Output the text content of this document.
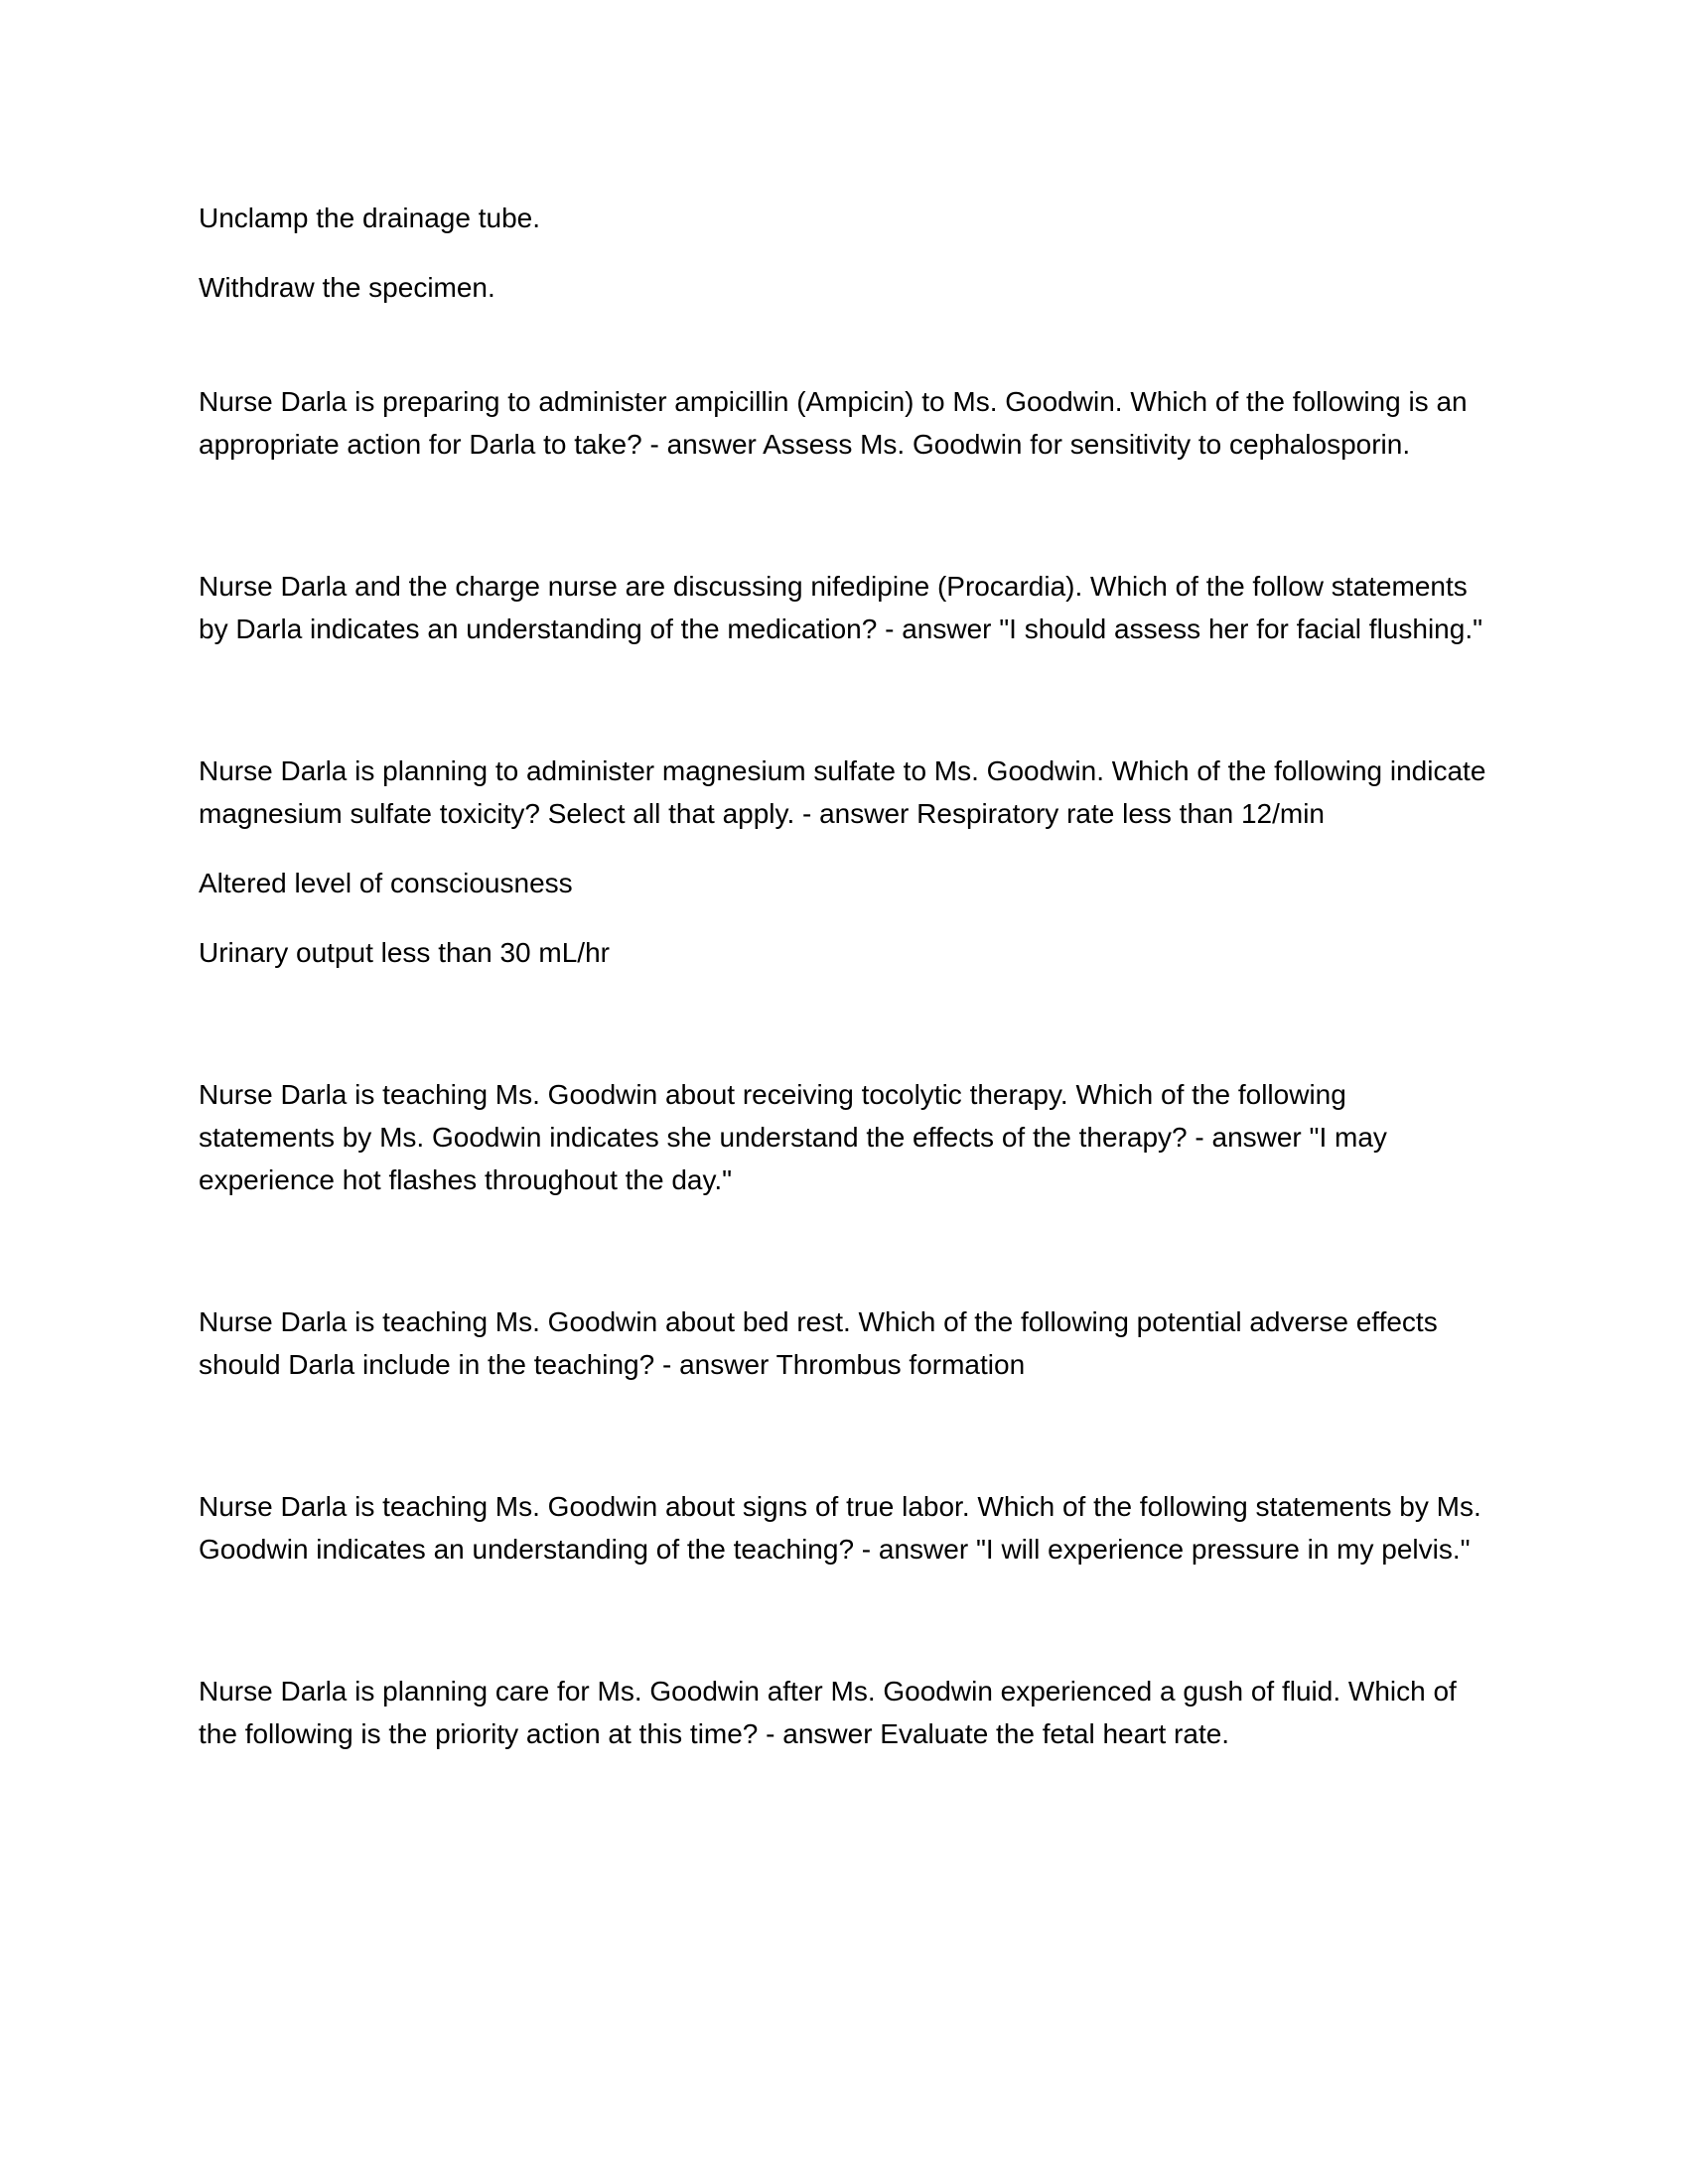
Unclamp the drainage tube.

Withdraw the specimen.

Nurse Darla is preparing to administer ampicillin (Ampicin) to Ms. Goodwin. Which of the following is an appropriate action for Darla to take? - answer Assess Ms. Goodwin for sensitivity to cephalosporin.

Nurse Darla and the charge nurse are discussing nifedipine (Procardia). Which of the follow statements by Darla indicates an understanding of the medication? - answer "I should assess her for facial flushing."

Nurse Darla is planning to administer magnesium sulfate to Ms. Goodwin. Which of the following indicate magnesium sulfate toxicity? Select all that apply. - answer Respiratory rate less than 12/min

Altered level of consciousness

Urinary output less than 30 mL/hr

Nurse Darla is teaching Ms. Goodwin about receiving tocolytic therapy. Which of the following statements by Ms. Goodwin indicates she understand the effects of the therapy? - answer "I may experience hot flashes throughout the day."

Nurse Darla is teaching Ms. Goodwin about bed rest. Which of the following potential adverse effects should Darla include in the teaching? - answer Thrombus formation

Nurse Darla is teaching Ms. Goodwin about signs of true labor. Which of the following statements by Ms. Goodwin indicates an understanding of the teaching? - answer "I will experience pressure in my pelvis."

Nurse Darla is planning care for Ms. Goodwin after Ms. Goodwin experienced a gush of fluid. Which of the following is the priority action at this time? - answer Evaluate the fetal heart rate.
